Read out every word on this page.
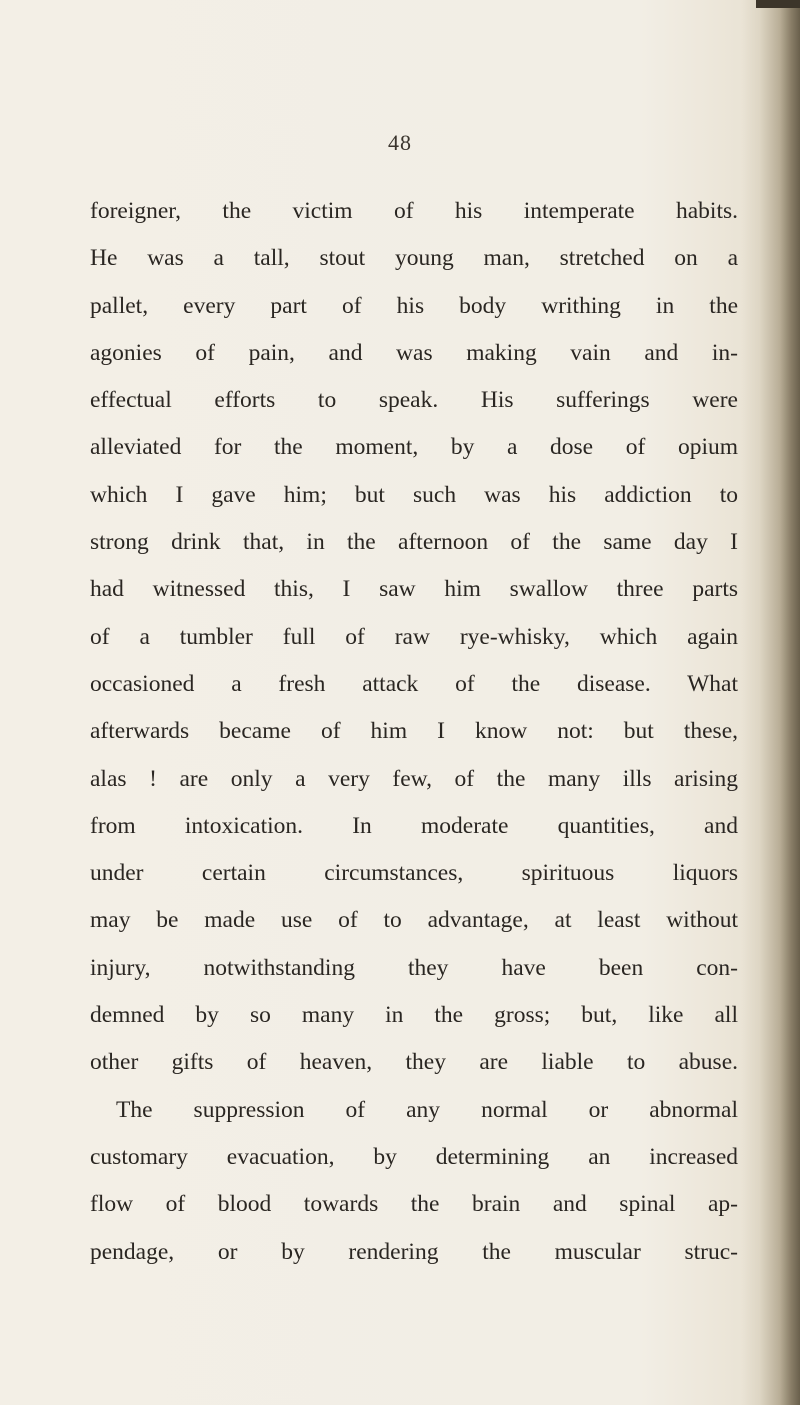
48
foreigner, the victim of his intemperate habits.
He was a tall, stout young man, stretched on a
pallet, every part of his body writhing in the
agonies of pain, and was making vain and in-
effectual efforts to speak. His sufferings were
alleviated for the moment, by a dose of opium
which I gave him; but such was his addiction to
strong drink that, in the afternoon of the same day I
had witnessed this, I saw him swallow three parts
of a tumbler full of raw rye-whisky, which again
occasioned a fresh attack of the disease. What
afterwards became of him I know not: but these,
alas ! are only a very few, of the many ills arising
from intoxication. In moderate quantities, and
under certain circumstances, spirituous liquors
may be made use of to advantage, at least without
injury, notwithstanding they have been con-
demned by so many in the gross; but, like all
other gifts of heaven, they are liable to abuse.
The suppression of any normal or abnormal
customary evacuation, by determining an increased
flow of blood towards the brain and spinal ap-
pendage, or by rendering the muscular struc-
